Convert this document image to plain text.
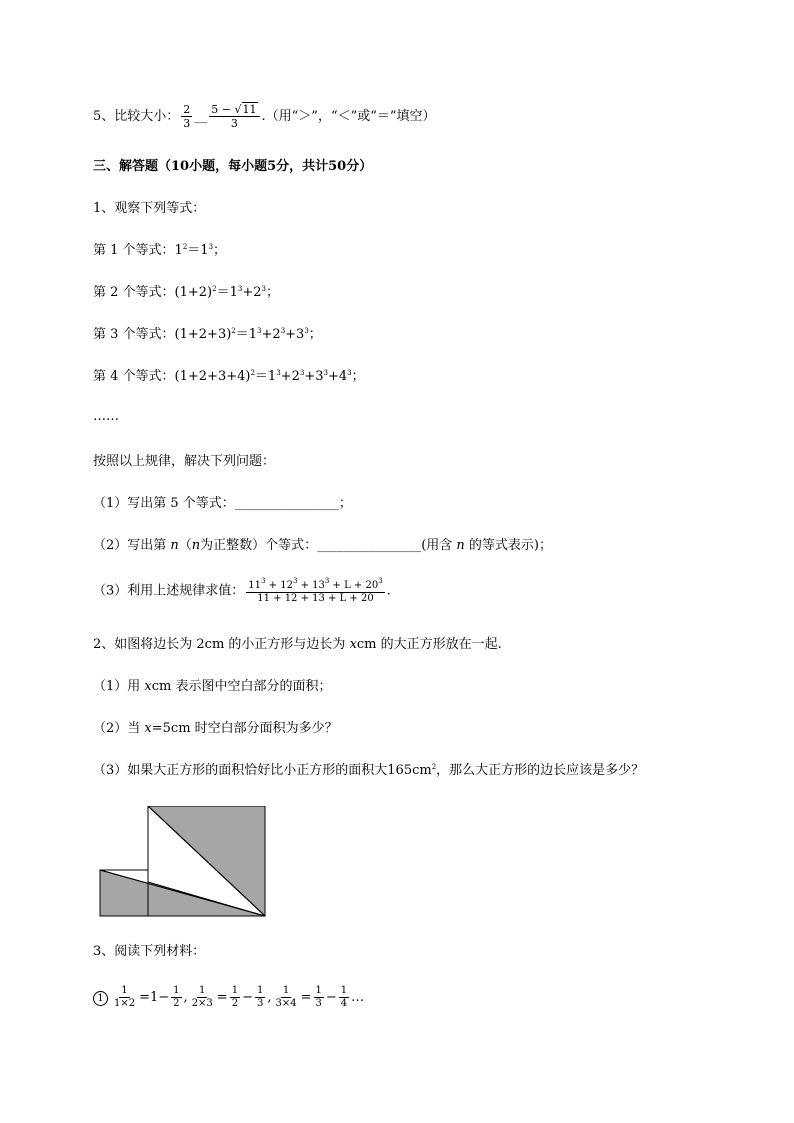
5、比较大小： $\frac{2}{3}$ __ $\frac{5 - √11}{3}$ .（用“＞”，“＜”或“＝”填空）
三、解答题（10小题，每小题5分，共计50分）
1、观察下列等式：
第 1 个等式：$1^2=1^3$；
第 2 个等式：$(1+2)^2=1^3+2^3$；
第 3 个等式：$(1+2+3)^2=1^3+2^3+3^3$；
第 4 个等式：$(1+2+3+4)^2=1^3+2^3+3^3+4^3$；
……
按照以上规律，解决下列问题：
（1）写出第 5 个等式：________________；
（2）写出第 n（n为正整数）个等式：________________(用含 n 的等式表示)；
（3）利用上述规律求值： $\frac{11^3 + 12^3 + 13^3 + L + 20^3}{11 + 12 + 13 + L + 20}$ .
2、如图将边长为 2cm 的小正方形与边长为 xcm 的大正方形放在一起.
（1）用 xcm 表示图中空白部分的面积；
（2）当 x=5cm 时空白部分面积为多少？
（3）如果大正方形的面积恰好比小正方形的面积大$165cm^2$，那么大正方形的边长应该是多少？
3、阅读下列材料：
$1 \frac{1}{1\times 2} =1- \frac{1}{2}$ , $\frac{1}{2\times 3} = \frac{1}{2} - \frac{1}{3}$ , $\frac{1}{3\times 4} = \frac{1}{3} - \frac{1}{4}$ …
